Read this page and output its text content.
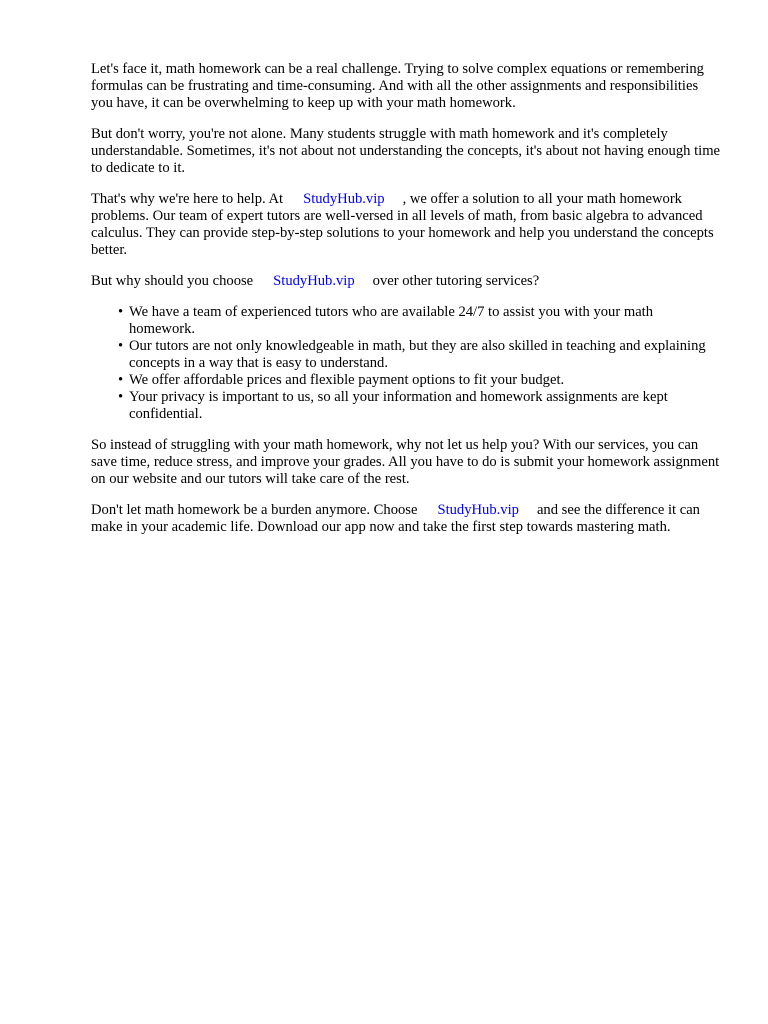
Let's face it, math homework can be a real challenge. Trying to solve complex equations or remembering formulas can be frustrating and time-consuming. And with all the other assignments and responsibilities you have, it can be overwhelming to keep up with your math homework.

But don't worry, you're not alone. Many students struggle with math homework and it's completely understandable. Sometimes, it's not about not understanding the concepts, it's about not having enough time to dedicate to it.

That's why we're here to help. At StudyHub.vip , we offer a solution to all your math homework problems. Our team of expert tutors are well-versed in all levels of math, from basic algebra to advanced calculus. They can provide step-by-step solutions to your homework and help you understand the concepts better.

But why should you choose StudyHub.vip over other tutoring services?

• We have a team of experienced tutors who are available 24/7 to assist you with your math homework.
• Our tutors are not only knowledgeable in math, but they are also skilled in teaching and explaining concepts in a way that is easy to understand.
• We offer affordable prices and flexible payment options to fit your budget.
• Your privacy is important to us, so all your information and homework assignments are kept confidential.

So instead of struggling with your math homework, why not let us help you? With our services, you can save time, reduce stress, and improve your grades. All you have to do is submit your homework assignment on our website and our tutors will take care of the rest.

Don't let math homework be a burden anymore. Choose StudyHub.vip and see the difference it can make in your academic life. Download our app now and take the first step towards mastering math.
